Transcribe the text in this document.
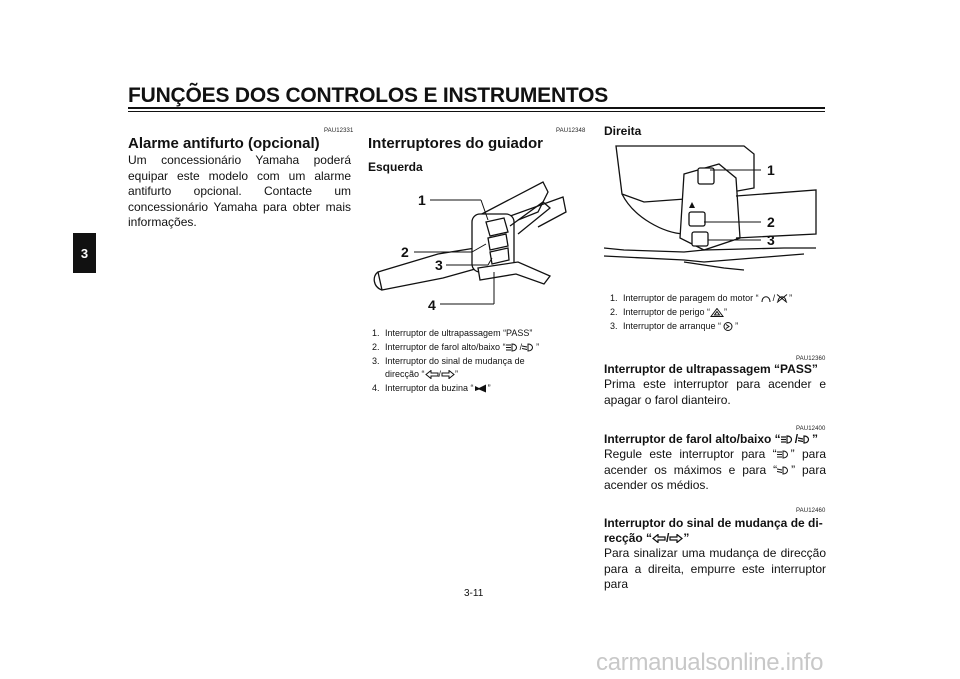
FUNÇÕES DOS CONTROLOS E INSTRUMENTOS
3
PAU12331
Alarme antifurto (opcional)
Um concessionário Yamaha poderá equipar este modelo com um alarme antifurto opcional. Contacte um concessionário Yamaha para obter mais informações.
PAU12348
Interruptores do guiador
Esquerda
1
2
3
4
1. Interruptor de ultrapassagem “PASS”
2. Interruptor de farol alto/baixo “ / ”
3. Interruptor do sinal de mudança de
direcção “ / ”
4. Interruptor da buzina “ ”
Direita
1
2
3
1. Interruptor de paragem do motor “ / ”
2. Interruptor de perigo “ ”
3. Interruptor de arranque “ ”
PAU12360
Interruptor de ultrapassagem “PASS”
Prima este interruptor para acender e apagar o farol dianteiro.
PAU12400
Interruptor de farol alto/baixo “ / ”
Regule este interruptor para “ ” para acender os máximos e para “ ” para acender os médios.
PAU12460
Interruptor do sinal de mudança de di-
recção “ / ”
Para sinalizar uma mudança de direcção para a direita, empurre este interruptor para
3-11
carmanualsonline.info
